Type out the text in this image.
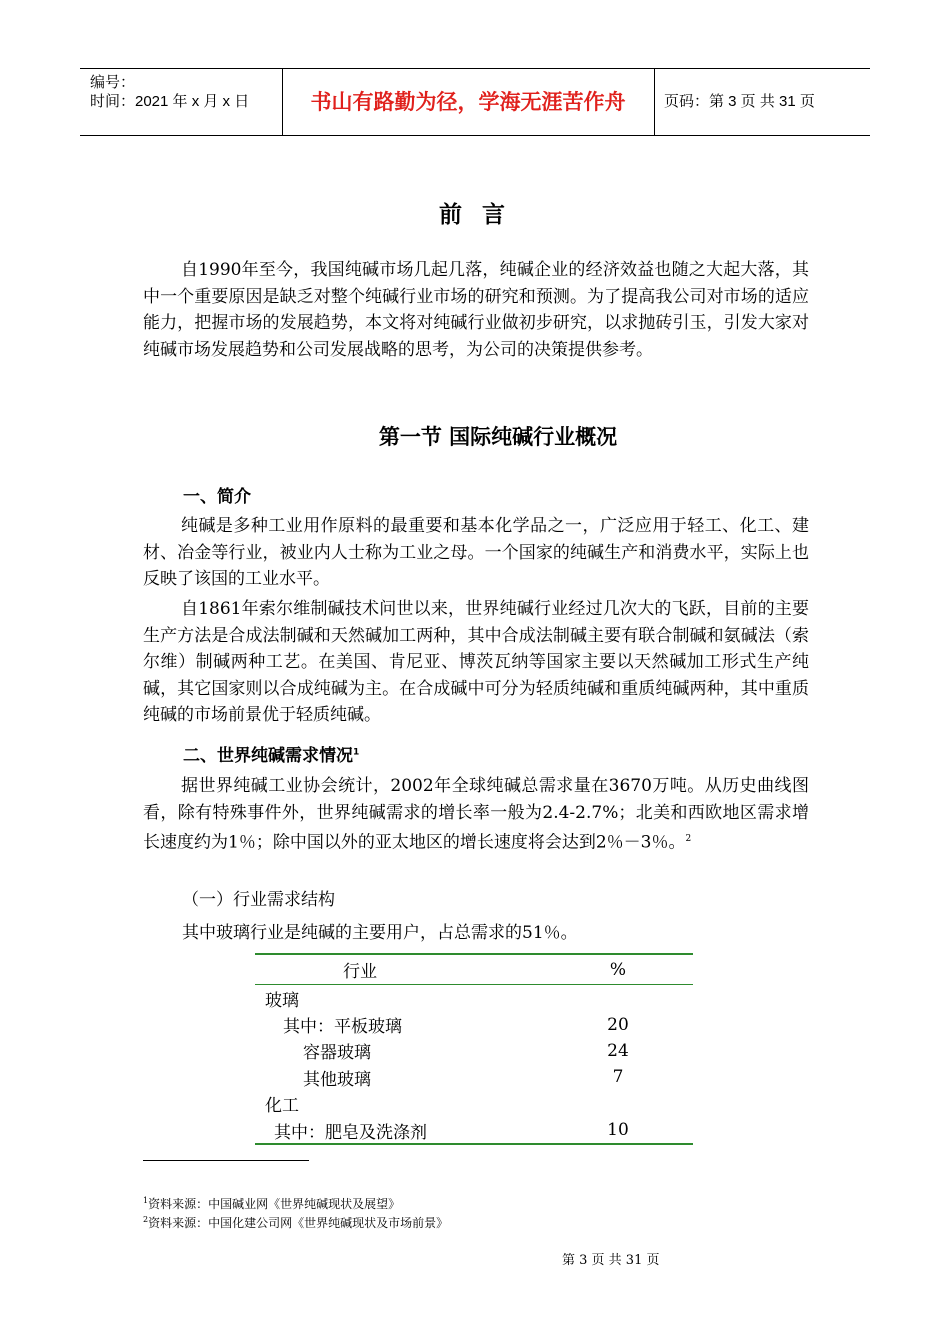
编号：
时间：2021 年 x 月 x 日	书山有路勤为径，学海无涯苦作舟	页码：第 3 页 共 31 页
前 言

自1990年至今，我国纯碱市场几起几落，纯碱企业的经济效益也随之大起大落，其中一个重要原因是缺乏对整个纯碱行业市场的研究和预测。为了提高我公司对市场的适应能力，把握市场的发展趋势，本文将对纯碱行业做初步研究，以求抛砖引玉，引发大家对纯碱市场发展趋势和公司发展战略的思考，为公司的决策提供参考。

第一节 国际纯碱行业概况
一、简介

纯碱是多种工业用作原料的最重要和基本化学品之一，广泛应用于轻工、化工、建材、冶金等行业，被业内人士称为工业之母。一个国家的纯碱生产和消费水平，实际上也反映了该国的工业水平。

自1861年索尔维制碱技术问世以来，世界纯碱行业经过几次大的飞跃，目前的主要生产方法是合成法制碱和天然碱加工两种，其中合成法制碱主要有联合制碱和氨碱法（索尔维）制碱两种工艺。在美国、肯尼亚、博茨瓦纳等国家主要以天然碱加工形式生产纯碱，其它国家则以合成纯碱为主。在合成碱中可分为轻质纯碱和重质纯碱两种，其中重质纯碱的市场前景优于轻质纯碱。

二、世界纯碱需求情况$^1$

据世界纯碱工业协会统计，2002年全球纯碱总需求量在3670万吨。从历史曲线图看，除有特殊事件外，世界纯碱需求的增长率一般为2.4-2.7%；北美和西欧地区需求增长速度约为1％；除中国以外的亚太地区的增长速度将会达到2％－3％。$^2$

（一）行业需求结构

其中玻璃行业是纯碱的主要用户，占总需求的51％。

行业	%
玻璃	
其中：平板玻璃	20
容器玻璃	24
其他玻璃	7
化工	
其中：肥皂及洗涤剂	10
$^1$资料来源：中国碱业网《世界纯碱现状及展望》
$^2$资料来源：中国化建公司网《世界纯碱现状及市场前景》
第 3 页 共 31 页
